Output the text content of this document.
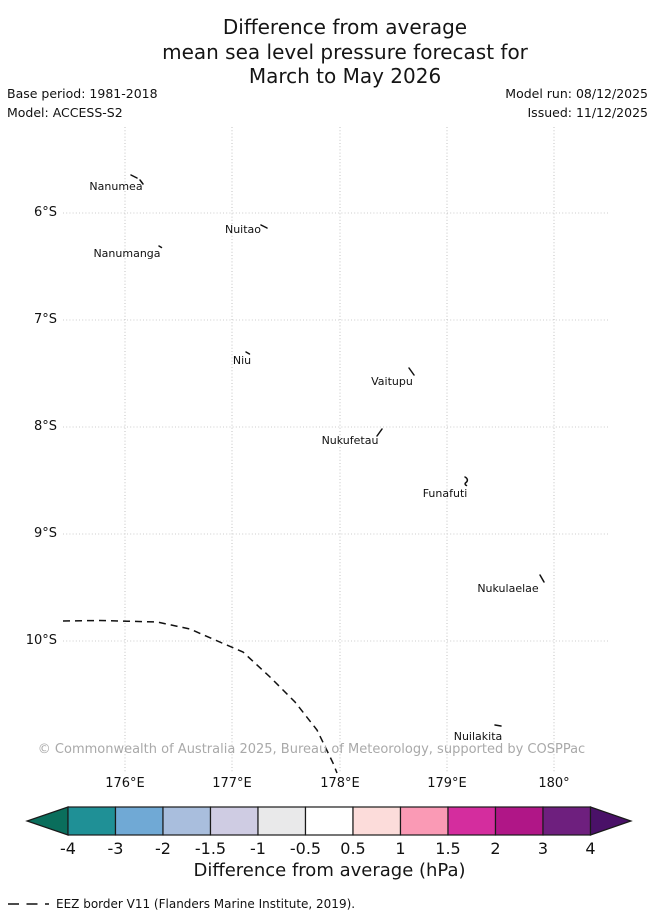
Difference from average
mean sea level pressure forecast for
March to May 2026
Base period: 1981-2018
Model: ACCESS-S2
Model run: 08/12/2025
Issued: 11/12/2025
176°E	177°E	178°E	179°E	180°
6°S
7°S
8°S
9°S
10°S
Nanumea
Nuitao
Nanumanga
Niu
Vaitupu
Nukufetau
Funafuti
Nukulaelae
Nuilakita
© Commonwealth of Australia 2025, Bureau of Meteorology, supported by COSPPac
-4	-3	-2	-1.5	-1	-0.5	0.5	1	1.5	2	3	4
Difference from average (hPa)
EEZ border V11 (Flanders Marine Institute, 2019).
